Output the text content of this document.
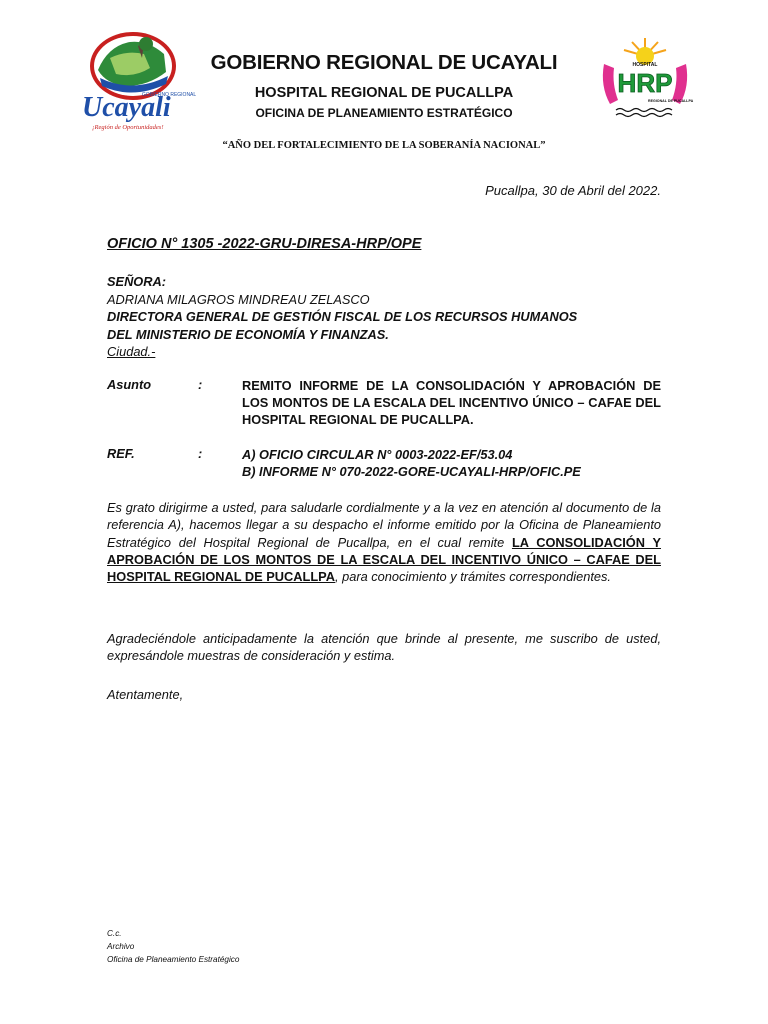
GOBIERNO REGIONAL
Ucayali
¡Región de Oportunidades!
GOBIERNO REGIONAL DE UCAYALI
HOSPITAL REGIONAL DE PUCALLPA
OFICINA DE PLANEAMIENTO ESTRATÉGICO
HOSPITAL
HRP
REGIONAL DE PUCALLPA
“AÑO DEL FORTALECIMIENTO DE LA SOBERANÍA NACIONAL”
Pucallpa, 30 de Abril del 2022.
OFICIO N° 1305 -2022-GRU-DIRESA-HRP/OPE
SEÑORA:
ADRIANA MILAGROS MINDREAU ZELASCO
DIRECTORA GENERAL DE GESTIÓN FISCAL DE LOS RECURSOS HUMANOS
DEL MINISTERIO DE ECONOMÍA Y FINANZAS.
Ciudad.-
Asunto	:	REMITO INFORME DE LA CONSOLIDACIÓN Y APROBACIÓN DE LOS MONTOS DE LA ESCALA DEL INCENTIVO ÚNICO – CAFAE DEL HOSPITAL REGIONAL DE PUCALLPA.
REF.	:	A) OFICIO CIRCULAR N° 0003-2022-EF/53.04
B) INFORME N° 070-2022-GORE-UCAYALI-HRP/OFIC.PE
Es grato dirigirme a usted, para saludarle cordialmente y a la vez en atención al documento de la referencia A), hacemos llegar a su despacho el informe emitido por la Oficina de Planeamiento Estratégico del Hospital Regional de Pucallpa, en el cual remite LA CONSOLIDACIÓN Y APROBACIÓN DE LOS MONTOS DE LA ESCALA DEL INCENTIVO ÚNICO – CAFAE DEL HOSPITAL REGIONAL DE PUCALLPA, para conocimiento y trámites correspondientes.
Agradeciéndole anticipadamente la atención que brinde al presente, me suscribo de usted, expresándole muestras de consideración y estima.
Atentamente,
C.c.
Archivo
Oficina de Planeamiento Estratégico
